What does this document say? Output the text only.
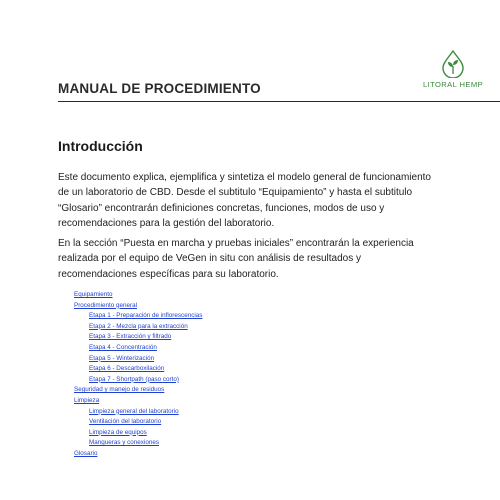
MANUAL DE PROCEDIMIENTO	LITORAL HEMP
Introducción
Este documento explica, ejemplifica y sintetiza el modelo general de funcionamiento de un laboratorio de CBD. Desde el subtitulo “Equipamiento” y hasta el subtitulo “Glosario” encontrarán definiciones concretas, funciones, modos de uso y recomendaciones para la gestión del laboratorio.
En la sección “Puesta en marcha y pruebas iniciales” encontrarán la experiencia realizada por el equipo de VeGen in situ con análisis de resultados y recomendaciones específicas para su laboratorio.
Equipamiento
Procedimiento general
Etapa 1 - Preparación de inflorescencias
Etapa 2 - Mezcla para la extracción
Etapa 3 - Extracción y filtrado
Etapa 4 - Concentración
Etapa 5 - Winterización
Etapa 6 - Descarboxilación
Etapa 7 - Shortpath (paso corto)
Seguridad y manejo de residuos
Limpieza
Limpieza general del laboratorio
Ventilación del laboratorio
Limpieza de equipos
Mangueras y conexiones
Glosario
